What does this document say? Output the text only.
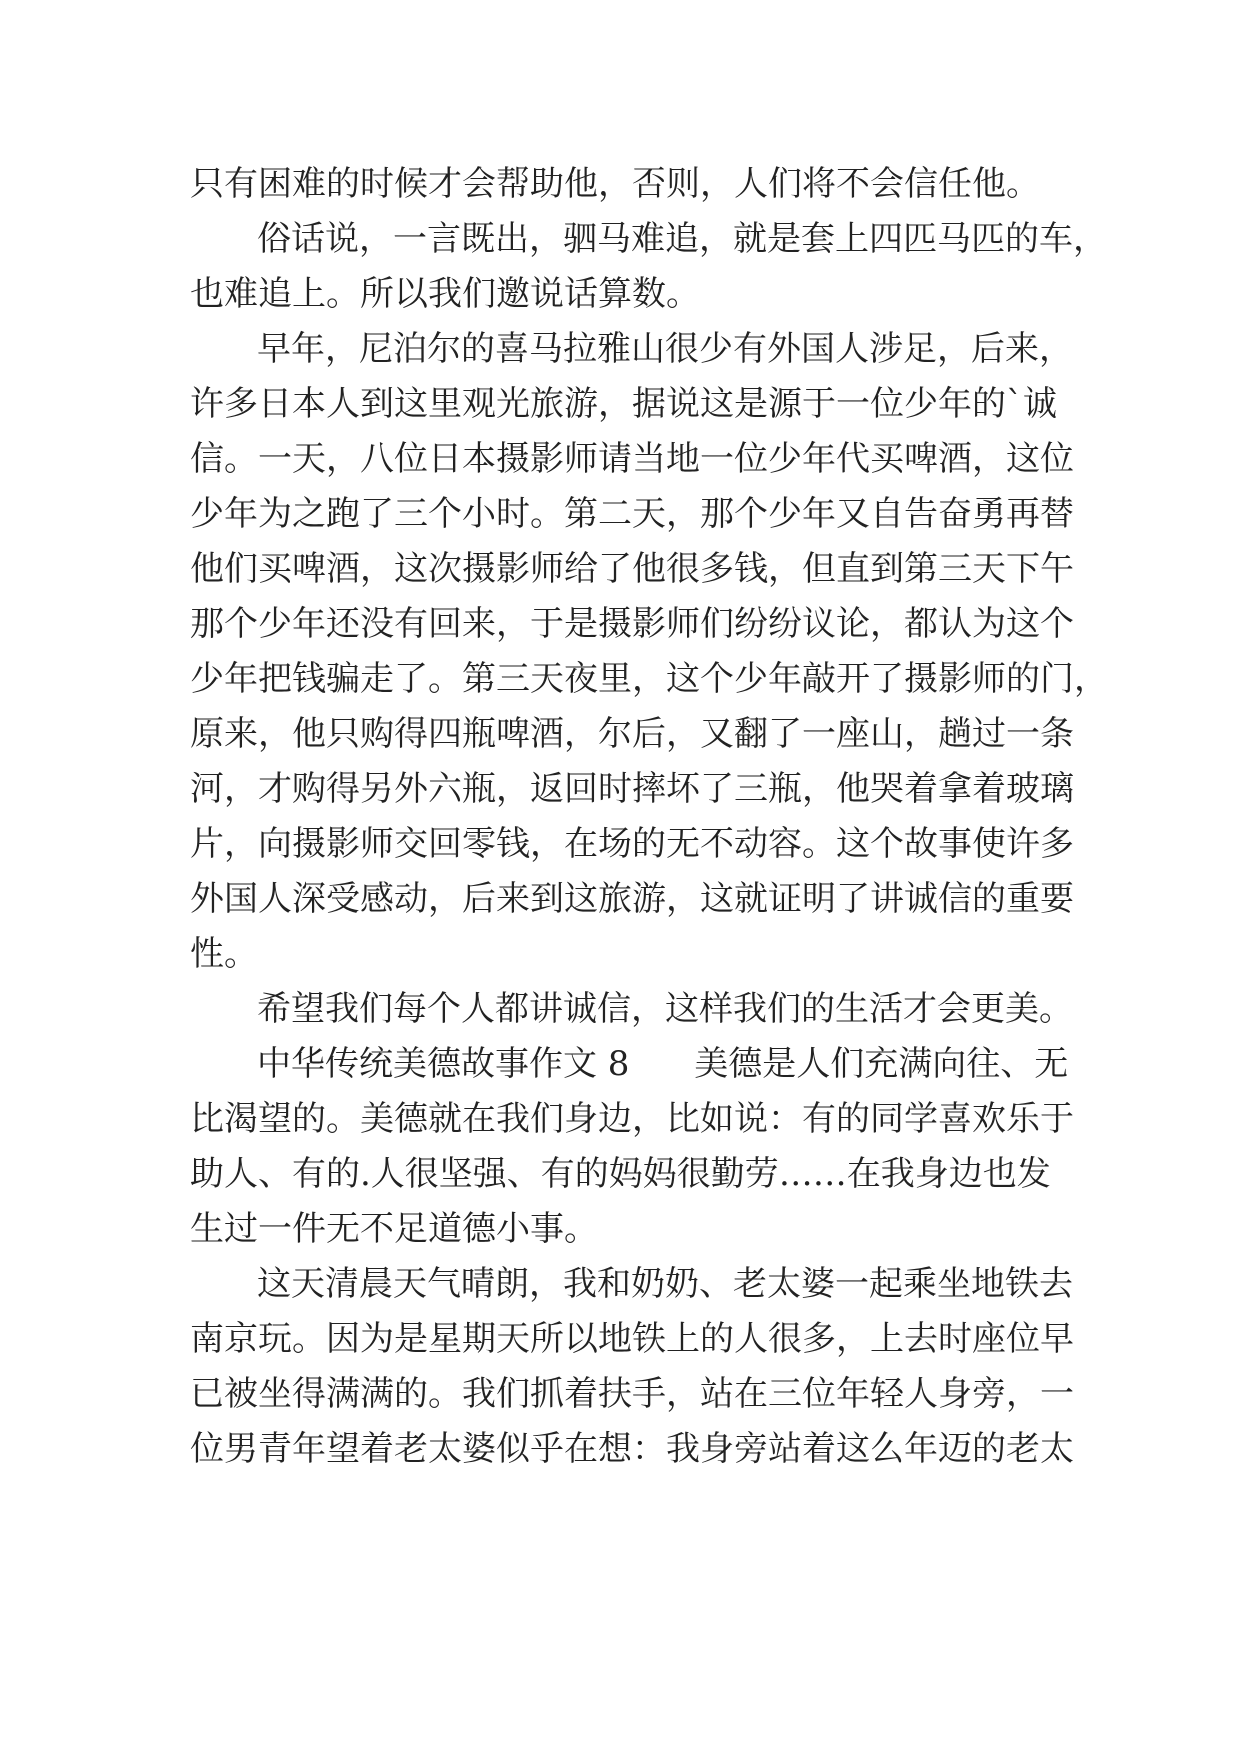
只有困难的时候才会帮助他，否则，人们将不会信任他。

俗话说，一言既出，驷马难追，就是套上四匹马匹的车，

也难追上。所以我们邀说话算数。

早年，尼泊尔的喜马拉雅山很少有外国人涉足，后来，

许多日本人到这里观光旅游，据说这是源于一位少年的`诚

信。一天，八位日本摄影师请当地一位少年代买啤酒，这位

少年为之跑了三个小时。第二天，那个少年又自告奋勇再替

他们买啤酒，这次摄影师给了他很多钱，但直到第三天下午

那个少年还没有回来，于是摄影师们纷纷议论，都认为这个

少年把钱骗走了。第三天夜里，这个少年敲开了摄影师的门，

原来，他只购得四瓶啤酒，尔后，又翻了一座山，趟过一条

河，才购得另外六瓶，返回时摔坏了三瓶，他哭着拿着玻璃

片，向摄影师交回零钱，在场的无不动容。这个故事使许多

外国人深受感动，后来到这旅游，这就证明了讲诚信的重要

性。

希望我们每个人都讲诚信，这样我们的生活才会更美。

中华传统美德故事作文 8      美德是人们充满向往、无

比渴望的。美德就在我们身边，比如说：有的同学喜欢乐于

助人、有的.人很坚强、有的妈妈很勤劳……在我身边也发

生过一件无不足道德小事。

这天清晨天气晴朗，我和奶奶、老太婆一起乘坐地铁去

南京玩。因为是星期天所以地铁上的人很多，上去时座位早

已被坐得满满的。我们抓着扶手，站在三位年轻人身旁，一

位男青年望着老太婆似乎在想：我身旁站着这么年迈的老太
